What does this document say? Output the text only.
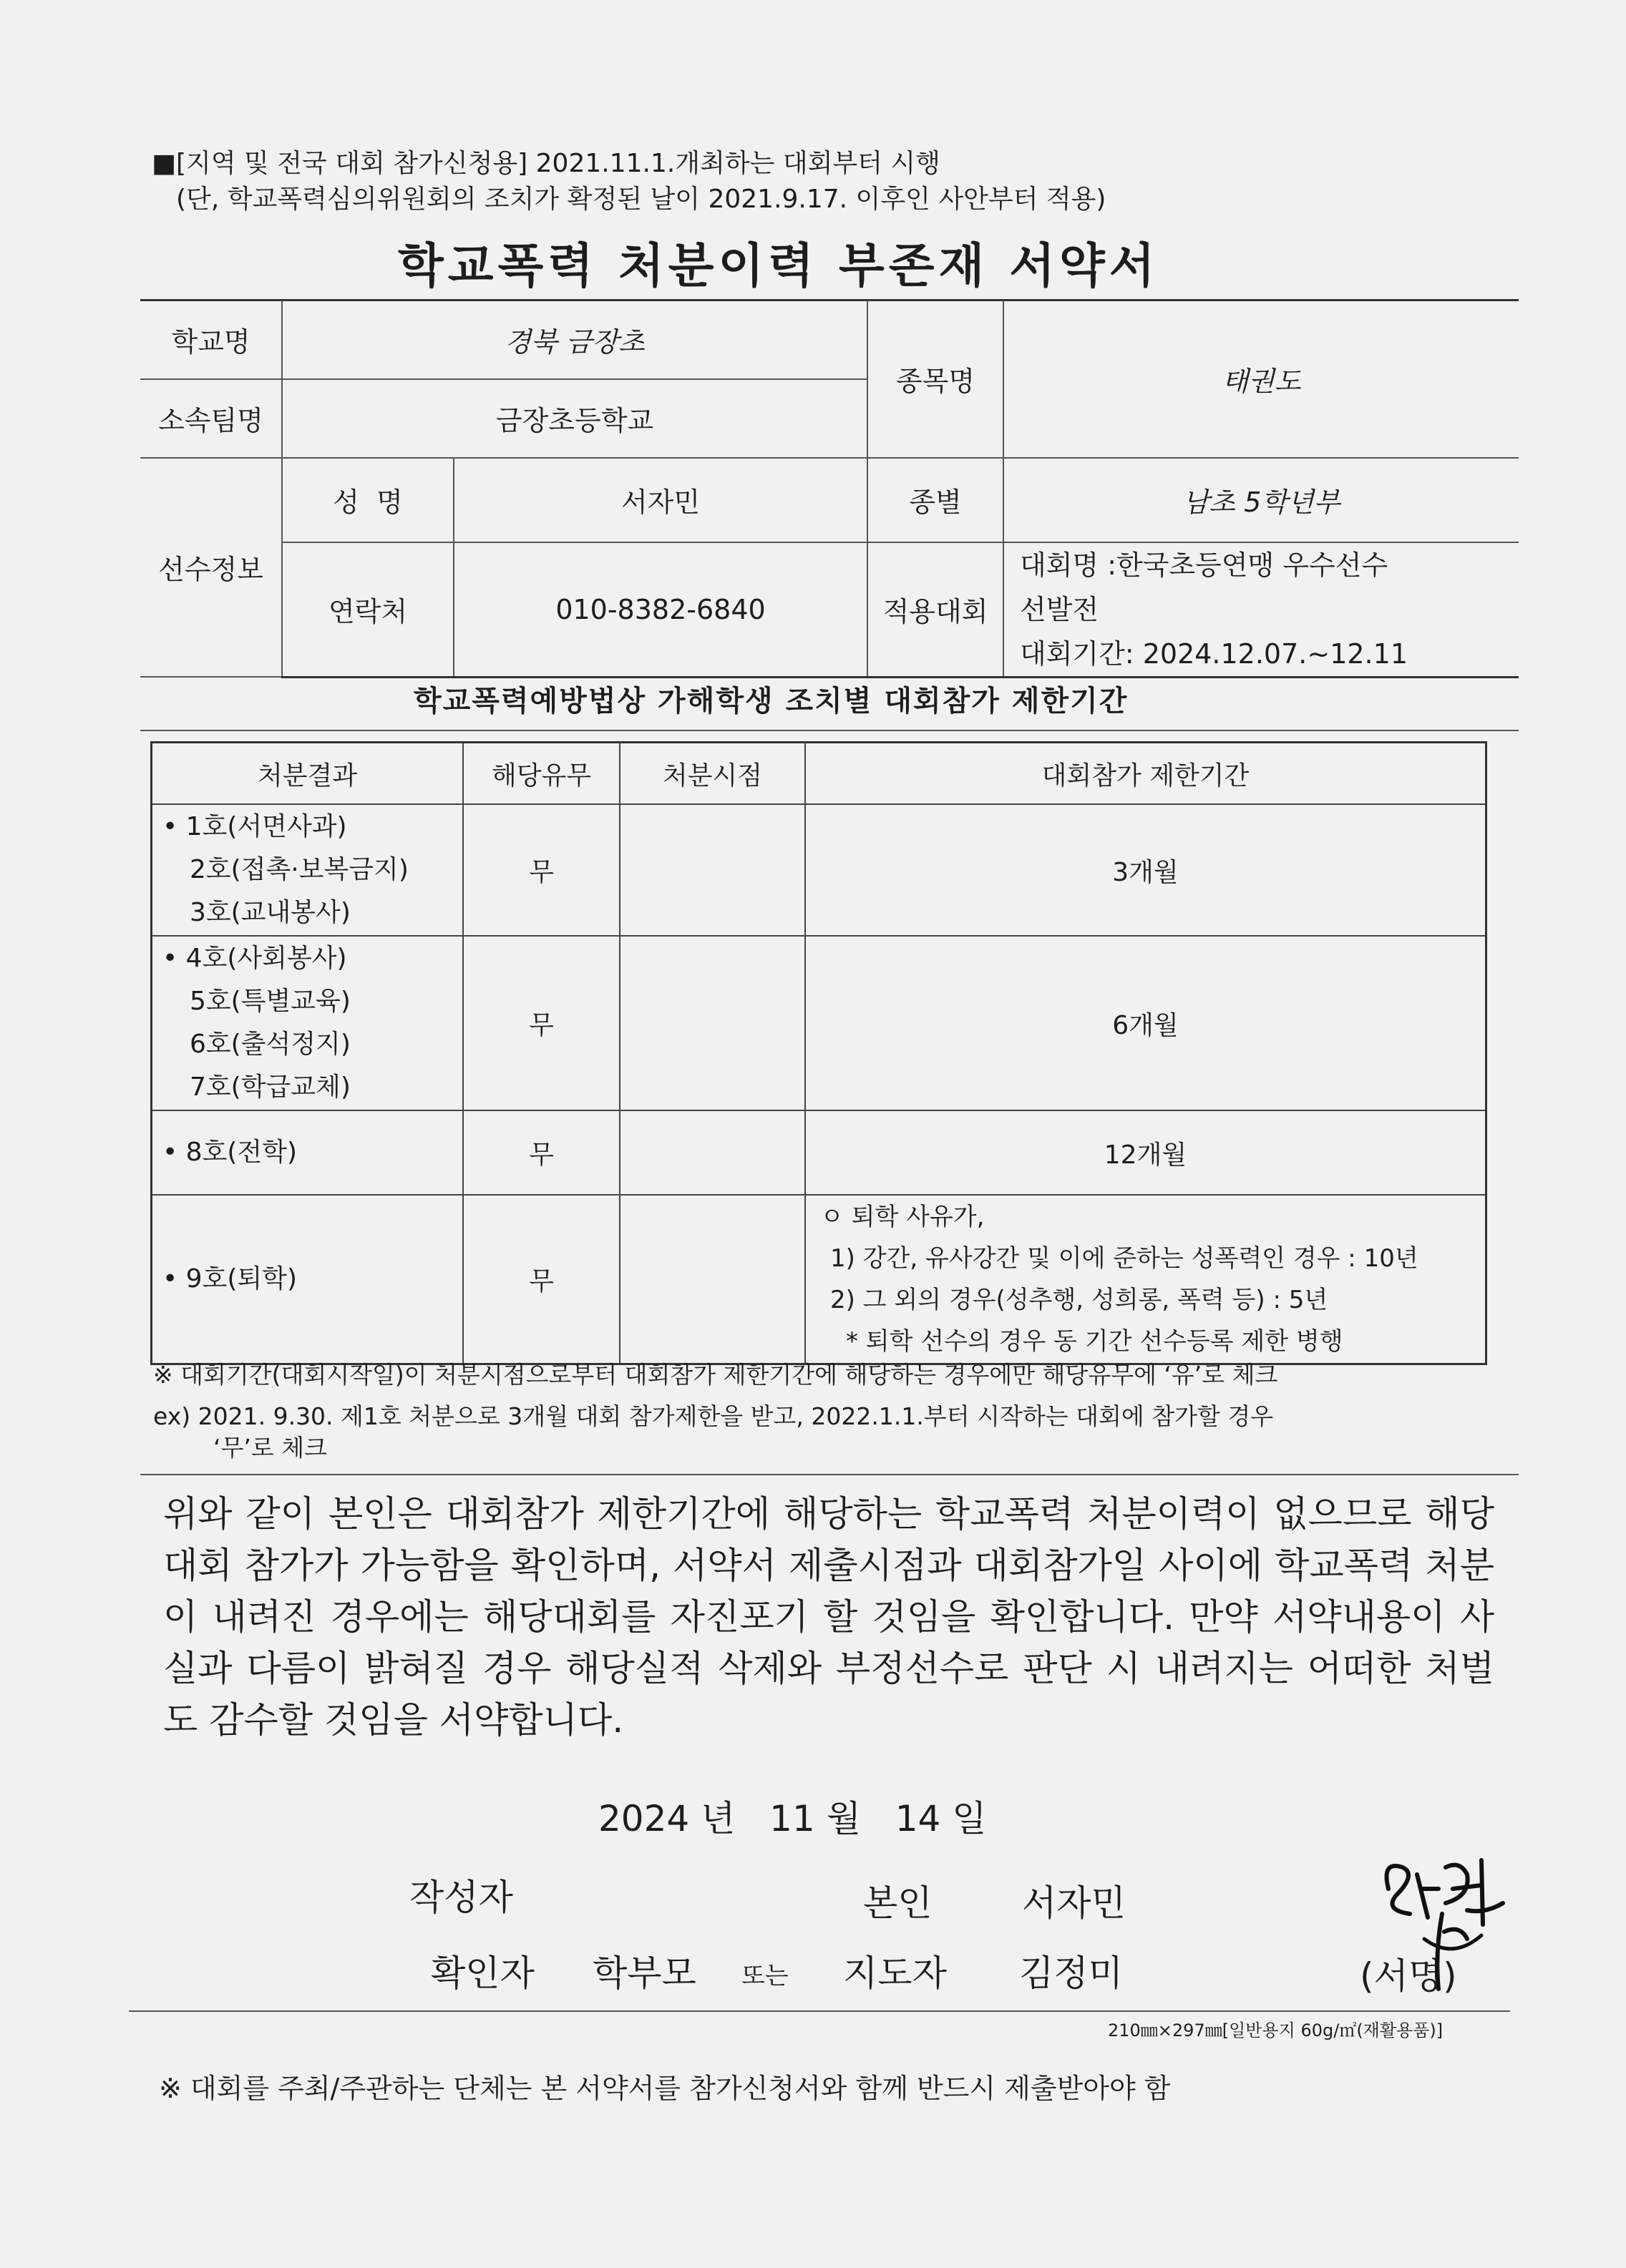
■[지역 및 전국 대회 참가신청용] 2021.11.1.개최하는 대회부터 시행
(단, 학교폭력심의위원회의 조치가 확정된 날이 2021.9.17. 이후인 사안부터 적용)
학교폭력 처분이력 부존재 서약서
학교명	경북 금장초		종목명	태권도
소속팀명	금장초등학교			
선수정보	성  명	서자민	종별	남초 5학년부
	연락처	010-8382-6840	적용대회	대회명 :한국초등연맹 우수선수
선발전
대회기간: 2024.12.07.~12.11
학교폭력예방법상 가해학생 조치별 대회참가 제한기간
처분결과	해당유무	처분시점	대회참가 제한기간

• 1호(서면사과)
2호(접촉·보복금지)
3호(교내봉사)	무		3개월

• 4호(사회봉사)
5호(특별교육)
6호(출석정지)
7호(학급교체)	무		6개월

• 8호(전학)	무		12개월

• 9호(퇴학)	무		ㅇ 퇴학 사유가,
1) 강간, 유사강간 및 이에 준하는 성폭력인 경우 : 10년
2) 그 외의 경우(성추행, 성희롱, 폭력 등) : 5년
* 퇴학 선수의 경우 동 기간 선수등록 제한 병행
※ 대회기간(대회시작일)이 처분시점으로부터 대회참가 제한기간에 해당하는 경우에만 해당유무에 ‘유’로 체크
ex) 2021. 9.30. 제1호 처분으로 3개월 대회 참가제한을 받고, 2022.1.1.부터 시작하는 대회에 참가할 경우
‘무’로 체크
위와 같이 본인은 대회참가 제한기간에 해당하는 학교폭력 처분이력이 없으므로 해당 대회 참가가 가능함을 확인하며, 서약서 제출시점과 대회참가일 사이에 학교폭력 처분이 내려진 경우에는 해당대회를 자진포기 할 것임을 확인합니다. 만약 서약내용이 사실과 다름이 밝혀질 경우 해당실적 삭제와 부정선수로 판단 시 내려지는 어떠한 처벌도 감수할 것임을 서약합니다.
2024 년 11 월 14 일
작성자	본인	서자민
확인자 학부모 또는 지도자 김정미	(서명)
210㎜×297㎜[일반용지 60g/㎡(재활용품)]
※ 대회를 주최/주관하는 단체는 본 서약서를 참가신청서와 함께 반드시 제출받아야 함
